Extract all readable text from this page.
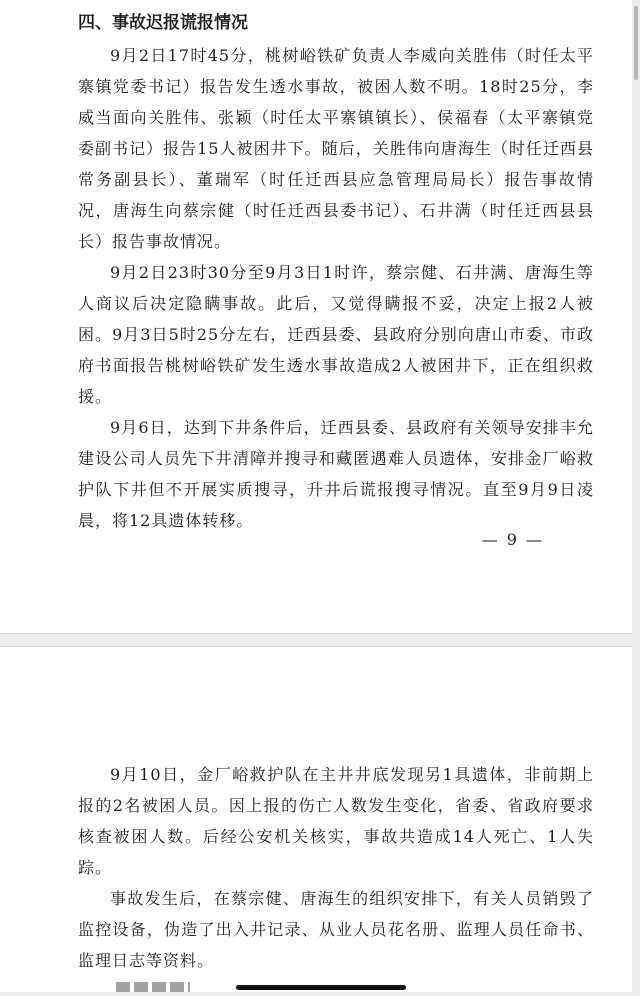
四、事故迟报谎报情况

9月2日17时45分，桃树峪铁矿负责人李威向关胜伟（时任太平寨镇党委书记）报告发生透水事故，被困人数不明。18时25分，李威当面向关胜伟、张颖（时任太平寨镇镇长）、侯福春（太平寨镇党委副书记）报告15人被困井下。随后，关胜伟向唐海生（时任迁西县常务副县长）、董瑞军（时任迁西县应急管理局局长）报告事故情况，唐海生向蔡宗健（时任迁西县委书记）、石井满（时任迁西县县长）报告事故情况。

9月2日23时30分至9月3日1时许，蔡宗健、石井满、唐海生等人商议后决定隐瞒事故。此后，又觉得瞒报不妥，决定上报2人被困。9月3日5时25分左右，迁西县委、县政府分别向唐山市委、市政府书面报告桃树峪铁矿发生透水事故造成2人被困井下，正在组织救援。

9月6日，达到下井条件后，迁西县委、县政府有关领导安排丰允建设公司人员先下井清障并搜寻和藏匿遇难人员遗体，安排金厂峪救护队下井但不开展实质搜寻，升井后谎报搜寻情况。直至9月9日凌晨，将12具遗体转移。

— 9 —

9月10日，金厂峪救护队在主井井底发现另1具遗体，非前期上报的2名被困人员。因上报的伤亡人数发生变化，省委、省政府要求核查被困人数。后经公安机关核实，事故共造成14人死亡、1人失踪。

事故发生后，在蔡宗健、唐海生的组织安排下，有关人员销毁了监控设备，伪造了出入井记录、从业人员花名册、监理人员任命书、监理日志等资料。
